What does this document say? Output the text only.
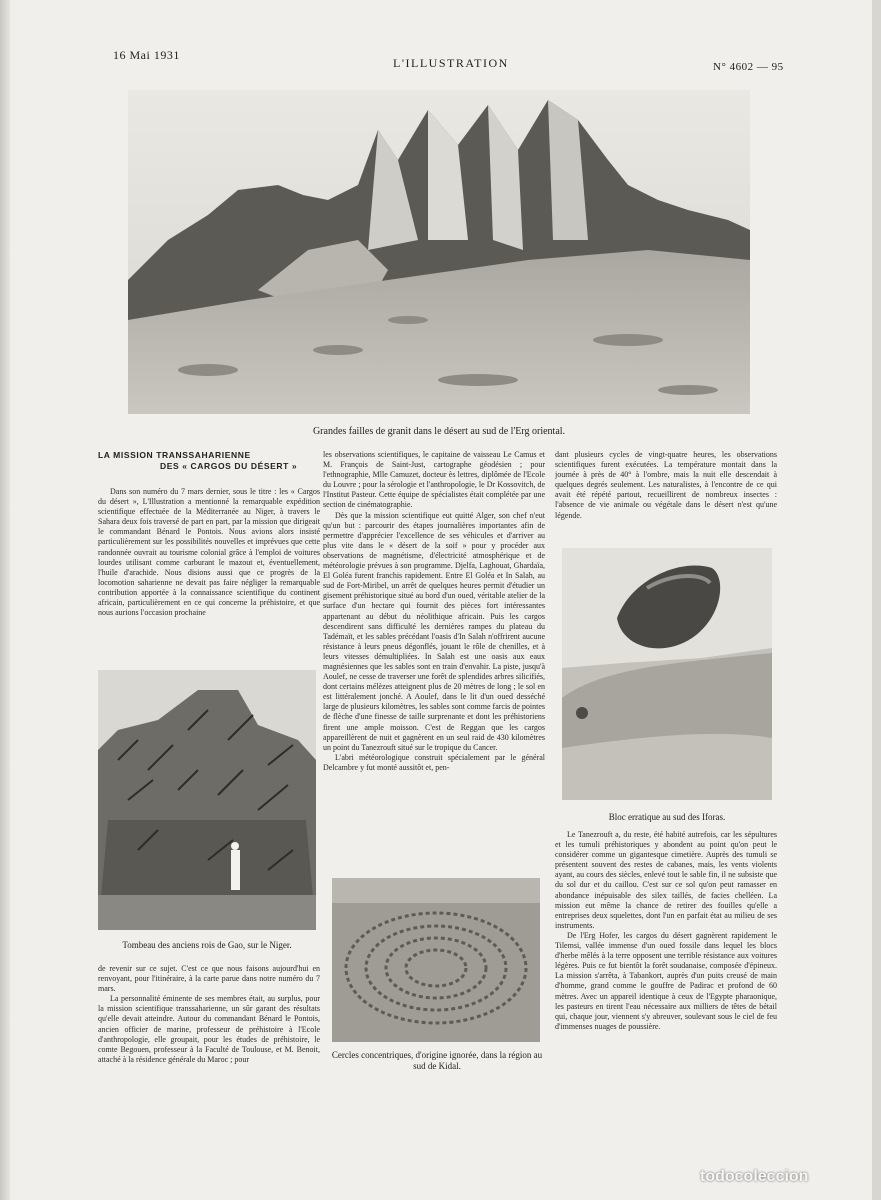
16 Mai 1931
L'ILLUSTRATION	N° 4602 — 95
Grandes failles de granit dans le désert au sud de l'Erg oriental.
LA MISSION TRANSSAHARIENNE
DES « CARGOS DU DÉSERT »

Dans son numéro du 7 mars dernier, sous le titre : les « Cargos du désert », L'Illustration a mentionné la remarquable expédition scientifique effectuée de la Méditerranée au Niger, à travers le Sahara deux fois traversé de part en part, par la mission que dirigeait le commandant Bénard le Pontois. Nous avions alors insisté particulièrement sur les possibilités nouvelles et imprévues que cette randonnée ouvrait au tourisme colonial grâce à l'emploi de voitures lourdes utilisant comme carburant le mazout et, éventuellement, l'huile d'arachide. Nous disions aussi que ce progrès de la locomotion saharienne ne devait pas faire négliger la remarquable contribution apportée à la connaissance scientifique du continent africain, particulièrement en ce qui concerne la préhistoire, et que nous aurions l'occasion prochaine

Tombeau des anciens rois de Gao, sur le Niger.

de revenir sur ce sujet. C'est ce que nous faisons aujourd'hui en renvoyant, pour l'itinéraire, à la carte parue dans notre numéro du 7 mars.

La personnalité éminente de ses membres était, au surplus, pour la mission scientifique transsaharienne, un sûr garant des résultats qu'elle devait atteindre. Autour du commandant Bénard le Pontois, ancien officier de marine, professeur de préhistoire à l'Ecole d'anthropologie, elle groupait, pour les études de préhistoire, le comte Begouen, professeur à la Faculté de Toulouse, et M. Benoit, attaché à la résidence générale du Maroc ; pour

les observations scientifiques, le capitaine de vaisseau Le Camus et M. François de Saint-Just, cartographe géodésien ; pour l'ethnographie, Mlle Camuzet, docteur ès lettres, diplômée de l'Ecole du Louvre ; pour la sérologie et l'anthropologie, le Dr Kossovitch, de l'Institut Pasteur. Cette équipe de spécialistes était complétée par une section de cinématographie.

Dès que la mission scientifique eut quitté Alger, son chef n'eut qu'un but : parcourir des étapes journalières importantes afin de permettre d'apprécier l'excellence de ses véhicules et d'arriver au plus vite dans le « désert de la soif » pour y procéder aux observations de magnétisme, d'électricité atmosphérique et de météorologie prévues à son programme. Djelfa, Laghouat, Ghardaïa, El Goléa furent franchis rapidement. Entre El Goléa et In Salah, au sud de Fort-Miribel, un arrêt de quelques heures permit d'étudier un gisement préhistorique situé au bord d'un oued, véritable atelier de la surface d'un hectare qui fournit des pièces fort intéressantes appartenant au début du néolithique africain. Puis les cargos descendirent sans difficulté les dernières rampes du plateau du Tadémaït, et les sables précédant l'oasis d'In Salah n'offrirent aucune résistance à leurs pneus dégonflés, jouant le rôle de chenilles, et à leurs vitesses démultipliées. In Salah est une oasis aux eaux magnésiennes que les sables sont en train d'envahir. La piste, jusqu'à Aoulef, ne cesse de traverser une forêt de splendides arbres silicifiés, dont certains mélèzes atteignent plus de 20 mètres de long ; le sol en est littéralement jonché. A Aoulef, dans le lit d'un oued desséché large de plusieurs kilomètres, les sables sont comme farcis de pointes de flèche d'une finesse de taille surprenante et dont les préhistoriens firent une ample moisson. C'est de Reggan que les cargos appareillèrent de nuit et gagnèrent en un seul raid de 430 kilomètres un point du Tanezrouft situé sur le tropique du Cancer.

L'abri météorologique construit spécialement par le général Delcambre y fut monté aussitôt et, pen-

Cercles concentriques, d'origine ignorée, dans la région au sud de Kidal.

dant plusieurs cycles de vingt-quatre heures, les observations scientifiques furent exécutées. La température montait dans la journée à près de 40° à l'ombre, mais la nuit elle descendait à quelques degrés seulement. Les naturalistes, à l'encontre de ce qui avait été répété partout, recueillirent de nombreux insectes : l'absence de vie animale ou végétale dans le désert n'est qu'une légende.

Bloc erratique au sud des Iforas.

Le Tanezrouft a, du reste, été habité autrefois, car les sépultures et les tumuli préhistoriques y abondent au point qu'on peut le considérer comme un gigantesque cimetière. Auprès des tumuli se présentent souvent des restes de cabanes, mais, les vents violents ayant, au cours des siècles, enlevé tout le sable fin, il ne subsiste que du sol dur et du caillou. C'est sur ce sol qu'on peut ramasser en abondance inépuisable des silex taillés, de facies chelléen. La mission eut même la chance de retirer des fouilles qu'elle a entreprises deux squelettes, dont l'un en parfait état au milieu de ses instruments.

De l'Erg Hofer, les cargos du désert gagnèrent rapidement le Tilemsi, vallée immense d'un oued fossile dans lequel les blocs d'herbe mêlés à la terre opposent une terrible résistance aux voitures légères. Puis ce fut bientôt la forêt soudanaise, composée d'épineux. La mission s'arrêta, à Tabankort, auprès d'un puits creusé de main d'homme, grand comme le gouffre de Padirac et profond de 60 mètres. Avec un appareil identique à ceux de l'Egypte pharaonique, les pasteurs en tirent l'eau nécessaire aux milliers de têtes de bétail qui, chaque jour, viennent s'y abreuver, soulevant sous le ciel de feu d'immenses nuages de poussière.

todocoleccion
